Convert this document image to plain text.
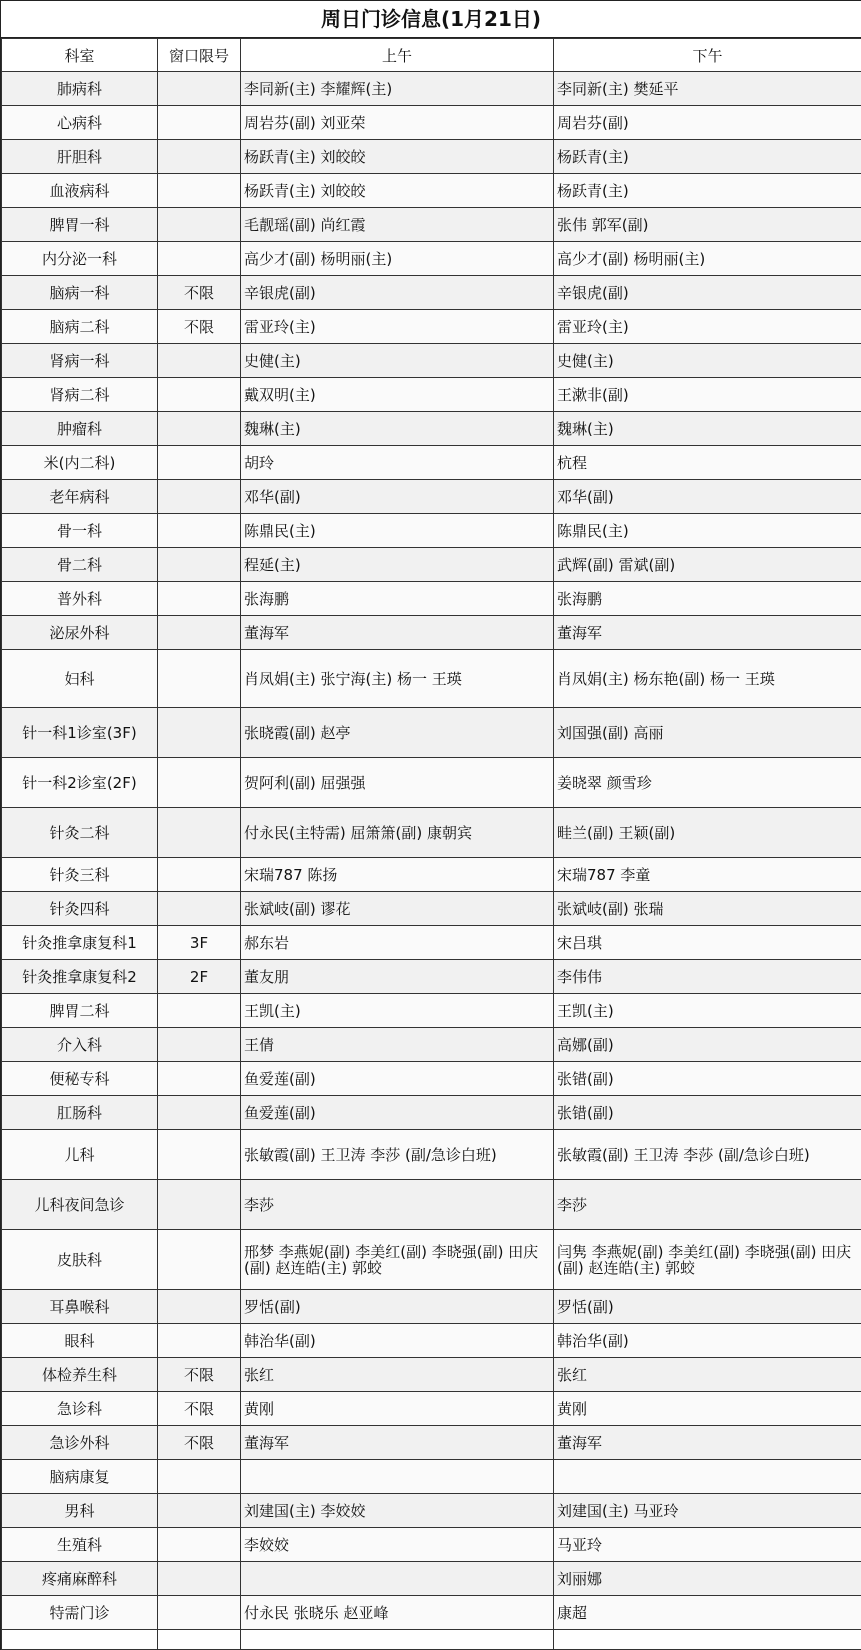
周日门诊信息(1月21日)
科室	窗口限号	上午	下午
肺病科		李同新(主) 李耀辉(主)	李同新(主) 樊延平
心病科		周岩芬(副) 刘亚荣	周岩芬(副)
肝胆科		杨跃青(主) 刘皎皎	杨跃青(主)
血液病科		杨跃青(主) 刘皎皎	杨跃青(主)
脾胃一科		毛靓瑶(副) 尚红霞	张伟 郭军(副)
内分泌一科		高少才(副) 杨明丽(主)	高少才(副) 杨明丽(主)
脑病一科	不限	辛银虎(副)	辛银虎(副)
脑病二科	不限	雷亚玲(主)	雷亚玲(主)
肾病一科		史健(主)	史健(主)
肾病二科		戴双明(主)	王漱非(副)
肿瘤科		魏琳(主)	魏琳(主)
米(内二科)		胡玲	杭程
老年病科		邓华(副)	邓华(副)
骨一科		陈鼎民(主)	陈鼎民(主)
骨二科		程延(主)	武辉(副) 雷斌(副)
普外科		张海鹏	张海鹏
泌尿外科		董海军	董海军
妇科		肖凤娟(主) 张宁海(主) 杨一 王瑛	肖凤娟(主) 杨东艳(副) 杨一 王瑛
针一科1诊室(3F)		张晓霞(副) 赵亭	刘国强(副) 高丽
针一科2诊室(2F)		贺阿利(副) 屈强强	姜晓翠 颜雪珍
针灸二科		付永民(主特需) 屈箫箫(副) 康朝宾	畦兰(副) 王颖(副)
针灸三科		宋瑞787 陈扬	宋瑞787 李童
针灸四科		张斌岐(副) 谬花	张斌岐(副) 张瑞
针灸推拿康复科1	3F	郝东岩	宋吕琪
针灸推拿康复科2	2F	董友朋	李伟伟
脾胃二科		王凯(主)	王凯(主)
介入科		王倩	高娜(副)
便秘专科		鱼爱莲(副)	张错(副)
肛肠科		鱼爱莲(副)	张错(副)
儿科		张敏霞(副) 王卫涛 李莎 (副/急诊白班)	张敏霞(副) 王卫涛 李莎 (副/急诊白班)
儿科夜间急诊		李莎	李莎
皮肤科		邢梦 李燕妮(副) 李美红(副) 李晓强(副) 田庆(副) 赵连皓(主) 郭蛟	闫隽 李燕妮(副) 李美红(副) 李晓强(副) 田庆(副) 赵连皓(主) 郭蛟
耳鼻喉科		罗恬(副)	罗恬(副)
眼科		韩治华(副)	韩治华(副)
体检养生科	不限	张红	张红
急诊科	不限	黄刚	黄刚
急诊外科	不限	董海军	董海军
脑病康复			
男科		刘建国(主) 李姣姣	刘建国(主) 马亚玲
生殖科		李姣姣	马亚玲
疼痛麻醉科			刘丽娜
特需门诊		付永民 张晓乐 赵亚峰	康超
